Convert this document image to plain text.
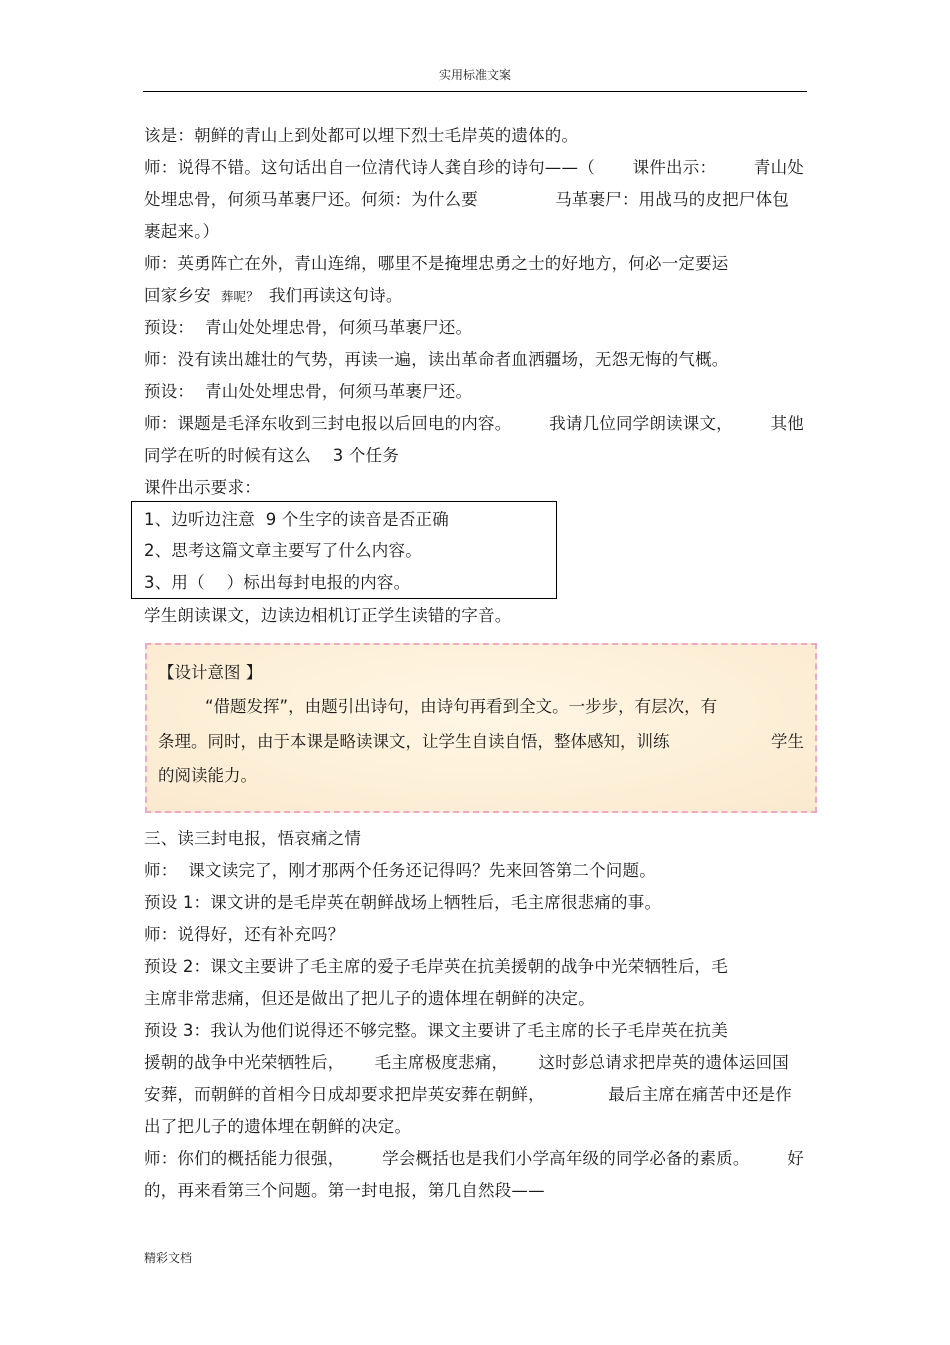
实用标准文案
该是：朝鲜的青山上到处都可以埋下烈士毛岸英的遗体的。
师：说得不错。这句话出自一位清代诗人龚自珍的诗句——（ 课件出示： 青山处
处埋忠骨，何须马革裹尸还。何须：为什么要	马革裹尸：用战马的皮把尸体包
裹起来。）
师：英勇阵亡在外，青山连绵，哪里不是掩埋忠勇之士的好地方，何必一定要运
回家乡安 葬呢？ 我们再读这句诗。
预设：  青山处处埋忠骨，何须马革裹尸还。
师：没有读出雄壮的气势，再读一遍，读出革命者血洒疆场，无怨无悔的气概。
预设：  青山处处埋忠骨，何须马革裹尸还。
师：课题是毛泽东收到三封电报以后回电的内容。 我请几位同学朗读课文， 其他
同学在听的时候有这么    3 个任务
课件出示要求：
1、边听边注意  9 个生字的读音是否正确
2、思考这篇文章主要写了什么内容。
3、用（    ）标出每封电报的内容。
学生朗读课文，边读边相机订正学生读错的字音。
【设计意图 】
“借题发挥”，由题引出诗句，由诗句再看到全文。一步步，有层次，有
条理。同时，由于本课是略读课文，让学生自读自悟，整体感知，训练	学生
的阅读能力。
三、读三封电报，悟哀痛之情
师：  课文读完了，刚才那两个任务还记得吗？先来回答第二个问题。
预设 1：课文讲的是毛岸英在朝鲜战场上牺牲后，毛主席很悲痛的事。
师：说得好，还有补充吗？
预设 2：课文主要讲了毛主席的爱子毛岸英在抗美援朝的战争中光荣牺牲后，毛
主席非常悲痛，但还是做出了把儿子的遗体埋在朝鲜的决定。
预设 3：我认为他们说得还不够完整。课文主要讲了毛主席的长子毛岸英在抗美
援朝的战争中光荣牺牲后， 毛主席极度悲痛， 这时彭总请求把岸英的遗体运回国
安葬，而朝鲜的首相今日成却要求把岸英安葬在朝鲜，	最后主席在痛苦中还是作
出了把儿子的遗体埋在朝鲜的决定。
师：你们的概括能力很强， 学会概括也是我们小学高年级的同学必备的素质。 好
的，再来看第三个问题。第一封电报，第几自然段——
精彩文档
